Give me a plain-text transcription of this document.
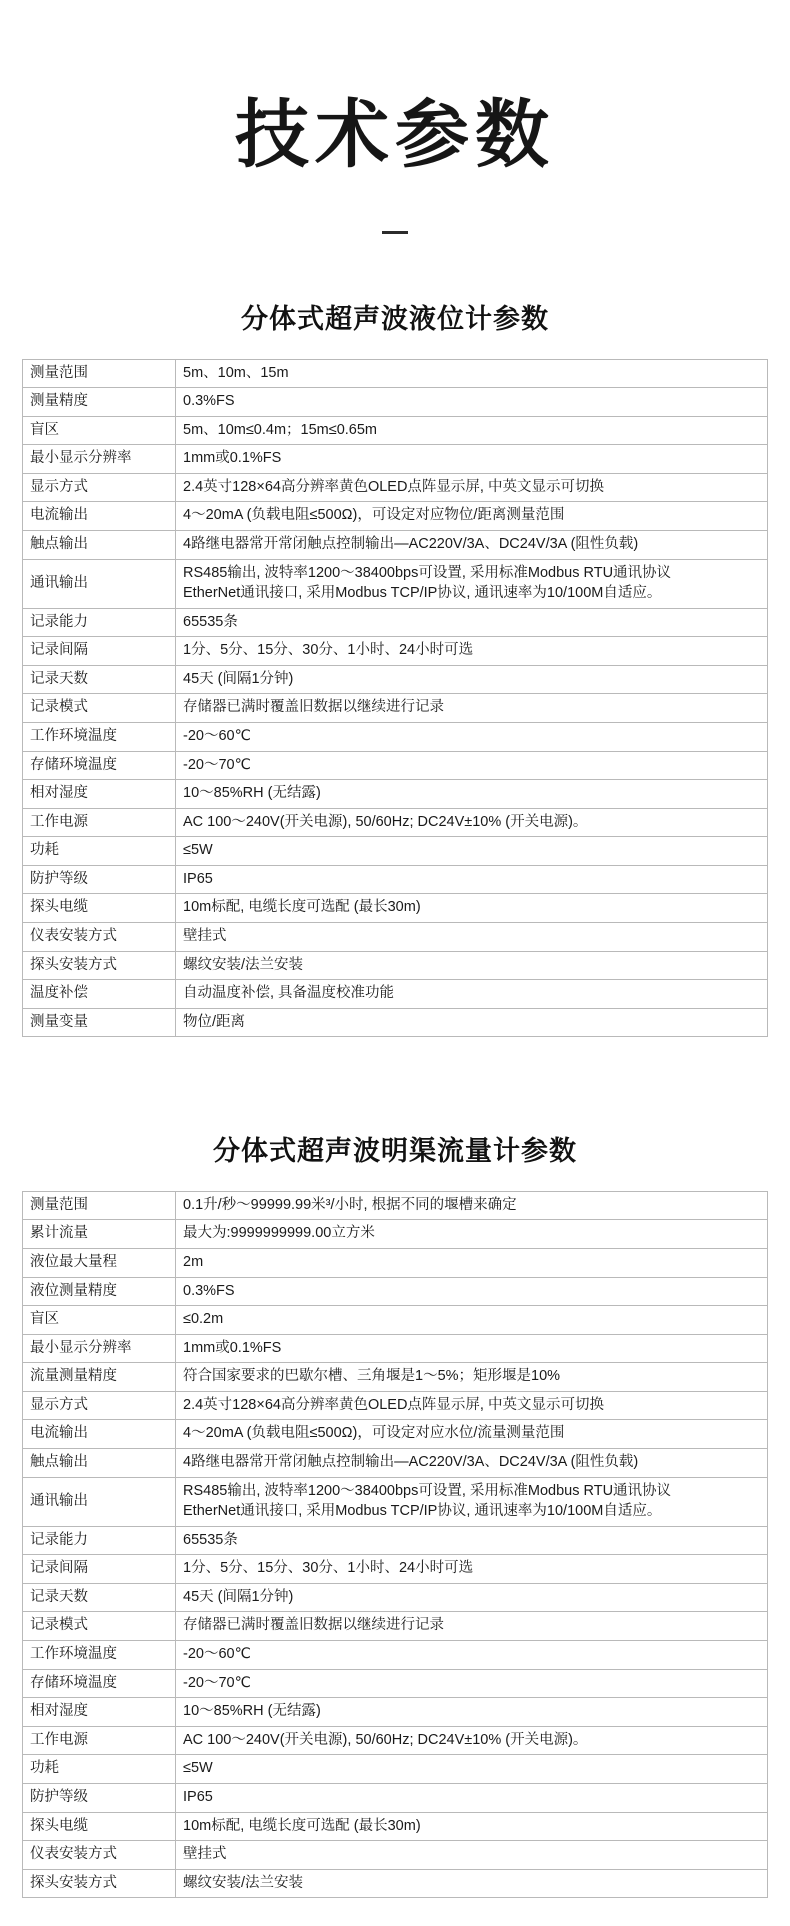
技术参数
分体式超声波液位计参数
测量范围	5m、10m、15m

测量精度	0.3%FS

盲区	5m、10m≤0.4m；15m≤0.65m

最小显示分辨率	1mm或0.1%FS

显示方式	2.4英寸128×64高分辨率黄色OLED点阵显示屏, 中英文显示可切换

电流输出	4～20mA (负载电阻≤500Ω)，可设定对应物位/距离测量范围

触点输出	4路继电器常开常闭触点控制输出—AC220V/3A、DC24V/3A (阻性负载)

通讯输出	RS485输出, 波特率1200～38400bps可设置, 采用标准Modbus RTU通讯协议
EtherNet通讯接口, 采用Modbus TCP/IP协议, 通讯速率为10/100M自适应。

记录能力	65535条

记录间隔	1分、5分、15分、30分、1小时、24小时可选

记录天数	45天 (间隔1分钟)

记录模式	存储器已满时覆盖旧数据以继续进行记录

工作环境温度	-20～60℃

存储环境温度	-20～70℃

相对湿度	10～85%RH (无结露)

工作电源	AC 100～240V(开关电源), 50/60Hz; DC24V±10% (开关电源)。

功耗	≤5W

防护等级	IP65

探头电缆	10m标配, 电缆长度可选配 (最长30m)

仪表安装方式	壁挂式

探头安装方式	螺纹安装/法兰安装

温度补偿	自动温度补偿, 具备温度校准功能

测量变量	物位/距离
分体式超声波明渠流量计参数
测量范围	0.1升/秒～99999.99米³/小时, 根据不同的堰槽来确定

累计流量	最大为:9999999999.00立方米

液位最大量程	2m

液位测量精度	0.3%FS

盲区	≤0.2m

最小显示分辨率	1mm或0.1%FS

流量测量精度	符合国家要求的巴歇尔槽、三角堰是1～5%；矩形堰是10%

显示方式	2.4英寸128×64高分辨率黄色OLED点阵显示屏, 中英文显示可切换

电流输出	4～20mA (负载电阻≤500Ω)，可设定对应水位/流量测量范围

触点输出	4路继电器常开常闭触点控制输出—AC220V/3A、DC24V/3A (阻性负载)

通讯输出	RS485输出, 波特率1200～38400bps可设置, 采用标准Modbus RTU通讯协议
EtherNet通讯接口, 采用Modbus TCP/IP协议, 通讯速率为10/100M自适应。

记录能力	65535条

记录间隔	1分、5分、15分、30分、1小时、24小时可选

记录天数	45天 (间隔1分钟)

记录模式	存储器已满时覆盖旧数据以继续进行记录

工作环境温度	-20～60℃

存储环境温度	-20～70℃

相对湿度	10～85%RH (无结露)

工作电源	AC 100～240V(开关电源), 50/60Hz; DC24V±10% (开关电源)。

功耗	≤5W

防护等级	IP65

探头电缆	10m标配, 电缆长度可选配 (最长30m)

仪表安装方式	壁挂式

探头安装方式	螺纹安装/法兰安装
